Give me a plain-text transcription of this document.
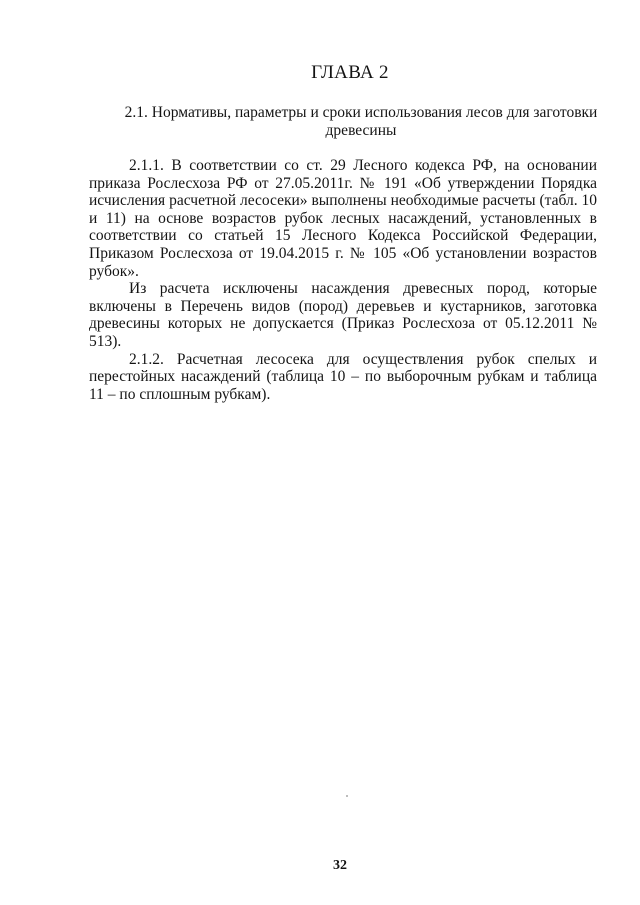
ГЛАВА 2
2.1. Нормативы, параметры и сроки использования лесов для заготовки древесины

2.1.1. В соответствии со ст. 29 Лесного кодекса РФ, на основании приказа Рослесхоза РФ от 27.05.2011г. № 191 «Об утверждении Порядка исчисления расчетной лесосеки» выполнены необходимые расчеты (табл. 10 и 11) на основе возрастов рубок лесных насаждений, установленных в соответствии со статьей 15 Лесного Кодекса Российской Федерации, Приказом Рослесхоза от 19.04.2015 г. № 105 «Об установлении возрастов рубок».

Из расчета исключены насаждения древесных пород, которые включены в Перечень видов (пород) деревьев и кустарников, заготовка древесины которых не допускается (Приказ Рослесхоза от 05.12.2011 № 513).

2.1.2. Расчетная лесосека для осуществления рубок спелых и перестойных насаждений (таблица 10 – по выборочным рубкам и таблица 11 – по сплошным рубкам).

32
